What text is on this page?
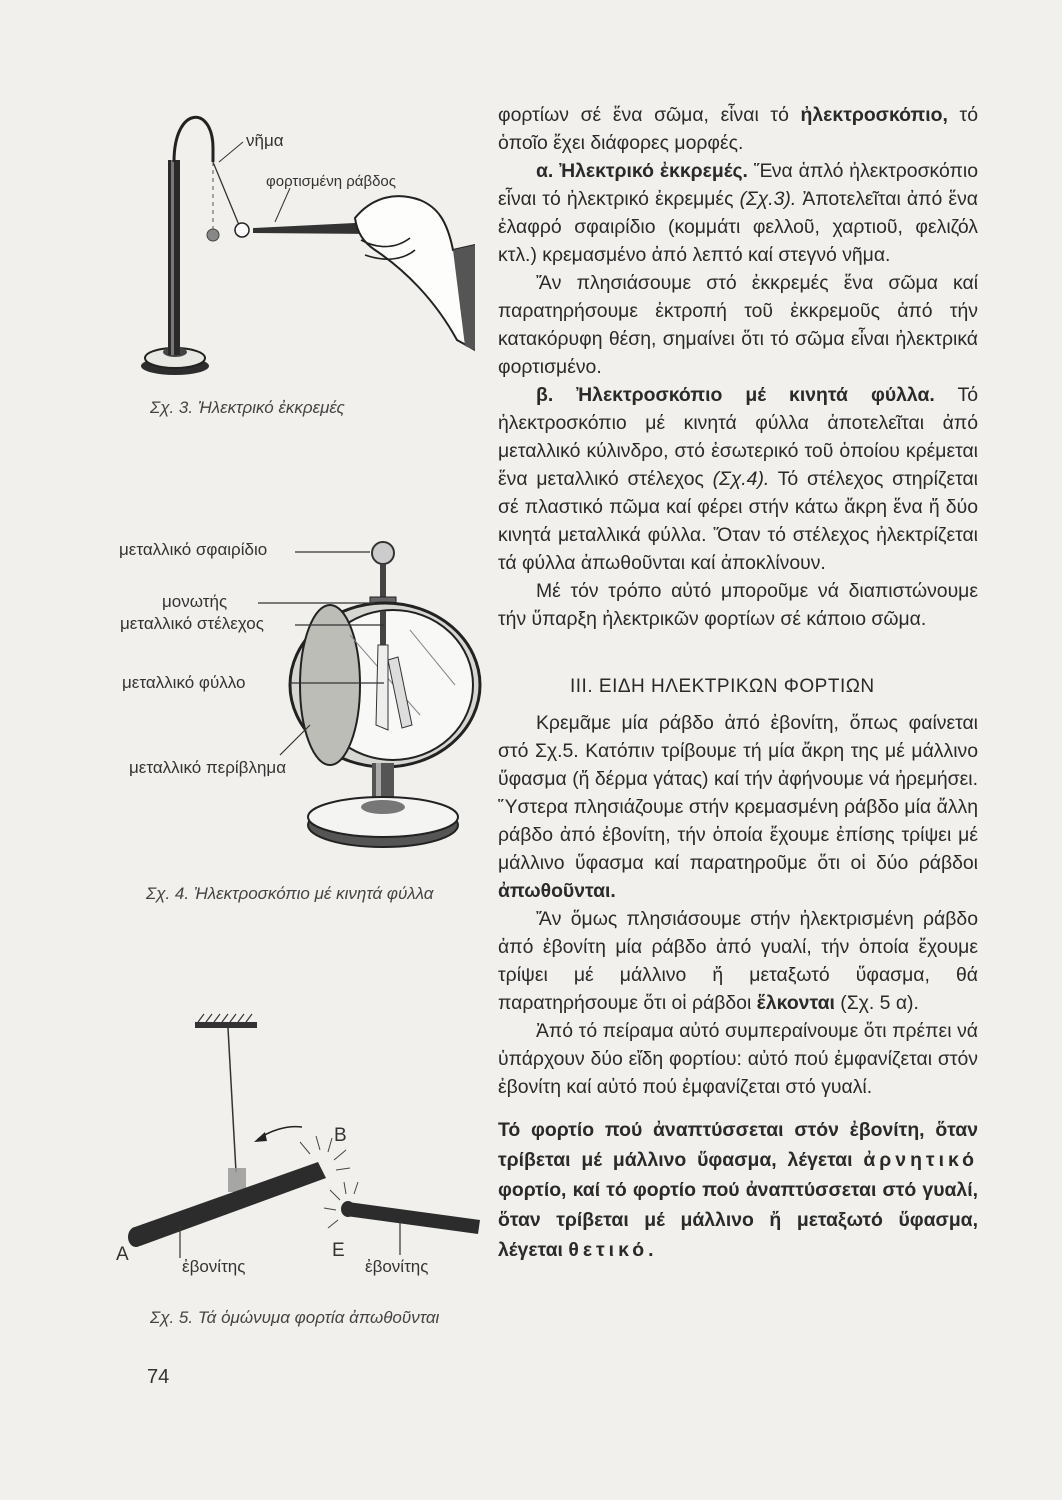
νῆμα
φορτισμένη ράβδος
Σχ. 3. Ἠλεκτρικό ἐκκρεμές
μεταλλικό σφαιρίδιο
μονωτής
μεταλλικό στέλεχος
μεταλλικό φύλλο
μεταλλικό περίβλημα
Σχ. 4. Ἠλεκτροσκόπιο μέ κινητά φύλλα
Α
Β
Ε
ἐβονίτης	ἐβονίτης
Σχ. 5. Τά ὁμώνυμα φορτία ἀπωθοῦνται

φορτίων σέ ἕνα σῶμα, εἶναι τό ἠλεκτροσκόπιο, τό ὁποῖο ἔχει διάφορες μορφές.

α. Ἠλεκτρικό ἐκκρεμές. Ἕνα ἁπλό ἠλεκτροσκόπιο εἶναι τό ἠλεκτρικό ἐκρεμμές (Σχ.3). Ἀποτελεῖται ἀπό ἕνα ἐλαφρό σφαιρίδιο (κομμάτι φελλοῦ, χαρτιοῦ, φελιζόλ κτλ.) κρεμασμένο ἀπό λεπτό καί στεγνό νῆμα.

Ἄν πλησιάσουμε στό ἐκκρεμές ἕνα σῶμα καί παρατηρήσουμε ἐκτροπή τοῦ ἐκκρεμοῦς ἀπό τήν κατακόρυφη θέση, σημαίνει ὅτι τό σῶμα εἶναι ἠλεκτρικά φορτισμένο.

β. Ἠλεκτροσκόπιο μέ κινητά φύλλα. Τό ἠλεκτροσκόπιο μέ κινητά φύλλα ἀποτελεῖται ἀπό μεταλλικό κύλινδρο, στό ἐσωτερικό τοῦ ὁποίου κρέμεται ἕνα μεταλλικό στέλεχος (Σχ.4). Τό στέλεχος στηρίζεται σέ πλαστικό πῶμα καί φέρει στήν κάτω ἄκρη ἕνα ἤ δύο κινητά μεταλλικά φύλλα. Ὅταν τό στέλεχος ἠλεκτρίζεται τά φύλλα ἀπωθοῦνται καί ἀποκλίνουν.

Μέ τόν τρόπο αὐτό μποροῦμε νά διαπιστώνουμε τήν ὕπαρξη ἠλεκτρικῶν φορτίων σέ κάποιο σῶμα.

III. ΕΙΔΗ ΗΛΕΚΤΡΙΚΩΝ ΦΟΡΤΙΩΝ

Κρεμᾶμε μία ράβδο ἀπό ἐβονίτη, ὅπως φαίνεται στό Σχ.5. Κατόπιν τρίβουμε τή μία ἄκρη της μέ μάλλινο ὕφασμα (ἤ δέρμα γάτας) καί τήν ἀφήνουμε νά ἠρεμήσει. Ὕστερα πλησιάζουμε στήν κρεμασμένη ράβδο μία ἄλλη ράβδο ἀπό ἐβονίτη, τήν ὁποία ἔχουμε ἐπίσης τρίψει μέ μάλλινο ὕφασμα καί παρατηροῦμε ὅτι οἱ δύο ράβδοι ἀπωθοῦνται.

Ἄν ὅμως πλησιάσουμε στήν ἠλεκτρισμένη ράβδο ἀπό ἐβονίτη μία ράβδο ἀπό γυαλί, τήν ὁποία ἔχουμε τρίψει μέ μάλλινο ἤ μεταξωτό ὕφασμα, θά παρατηρήσουμε ὅτι οἱ ράβδοι ἕλκονται (Σχ. 5 α).

Ἀπό τό πείραμα αὐτό συμπεραίνουμε ὅτι πρέπει νά ὑπάρχουν δύο εἴδη φορτίου: αὐτό πού ἐμφανίζεται στόν ἐβονίτη καί αὐτό πού ἐμφανίζεται στό γυαλί.

Τό φορτίο πού ἀναπτύσσεται στόν ἐβονίτη, ὅταν τρίβεται μέ μάλλινο ὕφασμα, λέγεται ἀρνητικό φορτίο, καί τό φορτίο πού ἀναπτύσσεται στό γυαλί, ὅταν τρίβεται μέ μάλλινο ἤ μεταξωτό ὕφασμα, λέγεται θετικό.

74
